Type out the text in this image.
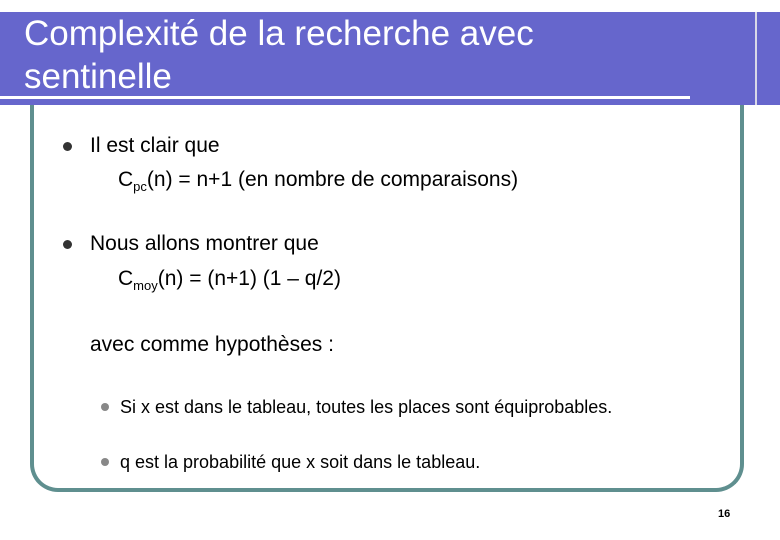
Complexité de la recherche avec
sentinelle
Il est clair que
$C_{pc}(n) = n+1$ (en nombre de comparaisons)
Nous allons montrer que
$C_{moy}(n) = (n+1)$ (1 – q/2)
avec comme hypothèses :
Si x est dans le tableau, toutes les places sont équiprobables.
q est la probabilité que x soit dans le tableau.
16
